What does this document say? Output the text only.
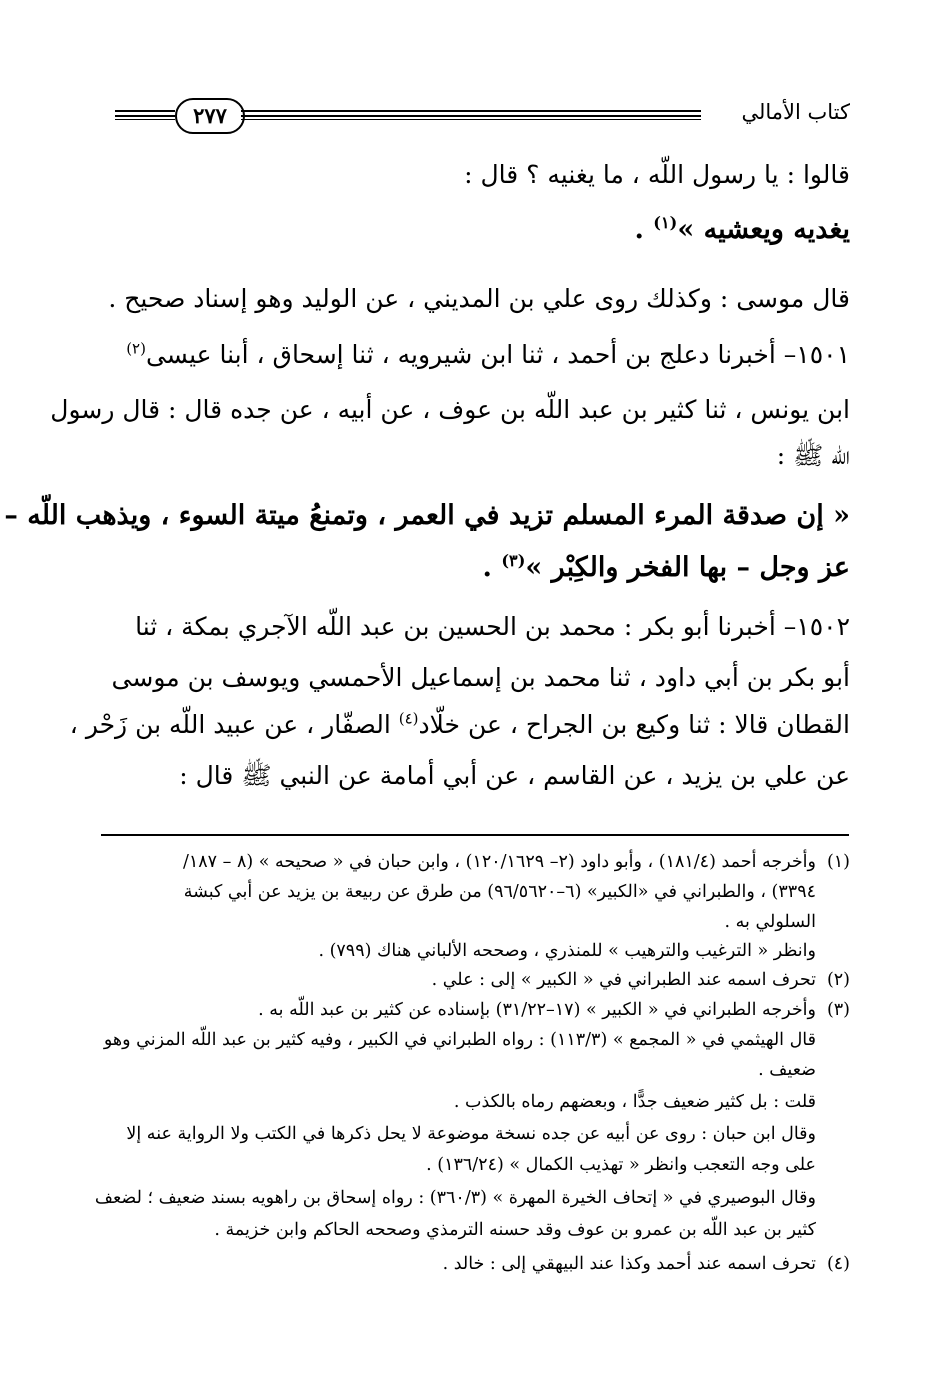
٢٧٧	كتاب الأمالي
قالوا : يا رسول اللّه ، ما يغنيه ؟ قال :
يغديه ويعشيه »$^{(١)}$ .
قال موسى : وكذلك روى علي بن المديني ، عن الوليد وهو إسناد صحيح .
١٥٠١– أخبرنا دعلج بن أحمد ، ثنا ابن شيرويه ، ثنا إسحاق ، أبنا عيسى$^{(٢)}$
ابن يونس ، ثنا كثير بن عبد اللّه بن عوف ، عن أبيه ، عن جده قال : قال رسول
اللّه ﷺ :
« إن صدقة المرء المسلم تزيد في العمر ، وتمنعُ ميتة السوء ، ويذهب اللّه –
عز وجل – بها الفخر والكِبْر »$^{(٣)}$ .
١٥٠٢– أخبرنا أبو بكر : محمد بن الحسين بن عبد اللّه الآجري بمكة ، ثنا
أبو بكر بن أبي داود ، ثنا محمد بن إسماعيل الأحمسي ويوسف بن موسى
القطان قالا : ثنا وكيع بن الجراح ، عن خلّاد$^{(٤)}$ الصفّار ، عن عبيد اللّه بن زَحْر ،
عن علي بن يزيد ، عن القاسم ، عن أبي أمامة عن النبي ﷺ قال :
(١)وأخرجه أحمد (١٨١/٤) ، وأبو داود (٢– ١٢٠/١٦٢٩) ، وابن حبان في « صحيحه » (٨ – ١٨٧/
٣٣٩٤) ، والطبراني في «الكبير» (٦–٩٦/٥٦٢٠) من طرق عن ربيعة بن يزيد عن أبي كبشة
السلولي به .
وانظر « الترغيب والترهيب » للمنذري ، وصححه الألباني هناك (٧٩٩) .
(٢)تحرف اسمه عند الطبراني في « الكبير » إلى : علي .
(٣)وأخرجه الطبراني في « الكبير » (١٧–٣١/٢٢) بإسناده عن كثير بن عبد اللّه به .
قال الهيثمي في « المجمع » (١١٣/٣) : رواه الطبراني في الكبير ، وفيه كثير بن عبد اللّه المزني وهو
ضعيف .
قلت : بل كثير ضعيف جدًّا ، وبعضهم رماه بالكذب .
وقال ابن حبان : روى عن أبيه عن جده نسخة موضوعة لا يحل ذكرها في الكتب ولا الرواية عنه إلا
على وجه التعجب وانظر « تهذيب الكمال » (١٣٦/٢٤) .
وقال البوصيري في « إتحاف الخيرة المهرة » (٣٦٠/٣) : رواه إسحاق بن راهويه بسند ضعيف ؛ لضعف
كثير بن عبد اللّه بن عمرو بن عوف وقد حسنه الترمذي وصححه الحاكم وابن خزيمة .
(٤)تحرف اسمه عند أحمد وكذا عند البيهقي إلى : خالد .
